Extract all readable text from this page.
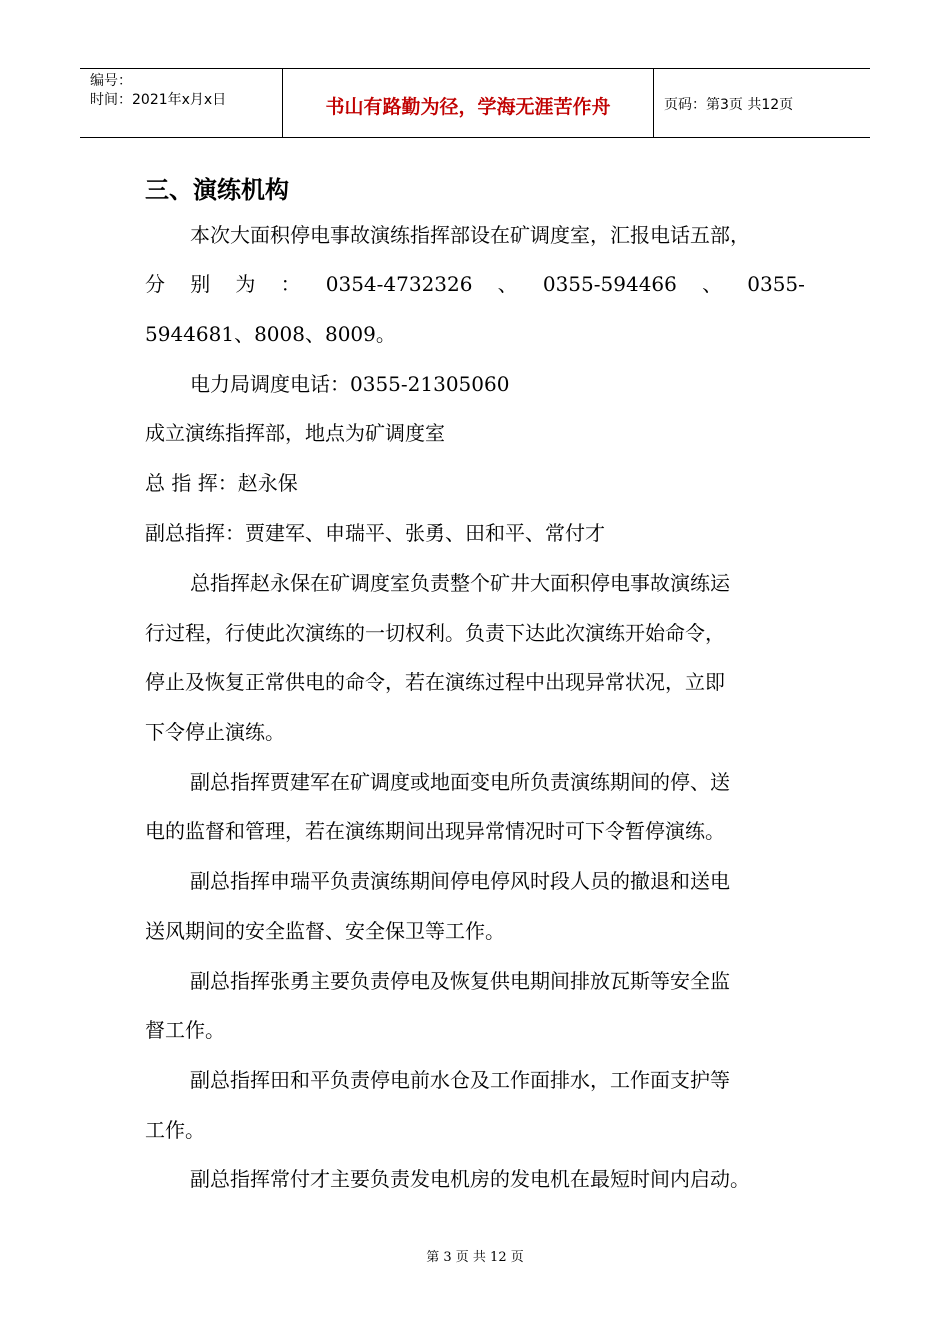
编号：
时间：2021年x月x日	书山有路勤为径，学海无涯苦作舟	页码：第3页 共12页
三、演练机构
本次大面积停电事故演练指挥部设在矿调度室，汇报电话五部，
分 别 为 ： 0354-4732326 、 0355-594466 、 0355-
5944681、8008、8009。
电力局调度电话：0355-21305060
成立演练指挥部，地点为矿调度室
总 指 挥：赵永保
副总指挥：贾建军、申瑞平、张勇、田和平、常付才
总指挥赵永保在矿调度室负责整个矿井大面积停电事故演练运
行过程，行使此次演练的一切权利。负责下达此次演练开始命令，
停止及恢复正常供电的命令，若在演练过程中出现异常状况，立即
下令停止演练。
副总指挥贾建军在矿调度或地面变电所负责演练期间的停、送
电的监督和管理，若在演练期间出现异常情况时可下令暂停演练。
副总指挥申瑞平负责演练期间停电停风时段人员的撤退和送电
送风期间的安全监督、安全保卫等工作。
副总指挥张勇主要负责停电及恢复供电期间排放瓦斯等安全监
督工作。
副总指挥田和平负责停电前水仓及工作面排水，工作面支护等
工作。
副总指挥常付才主要负责发电机房的发电机在最短时间内启动。
第 3 页 共 12 页
